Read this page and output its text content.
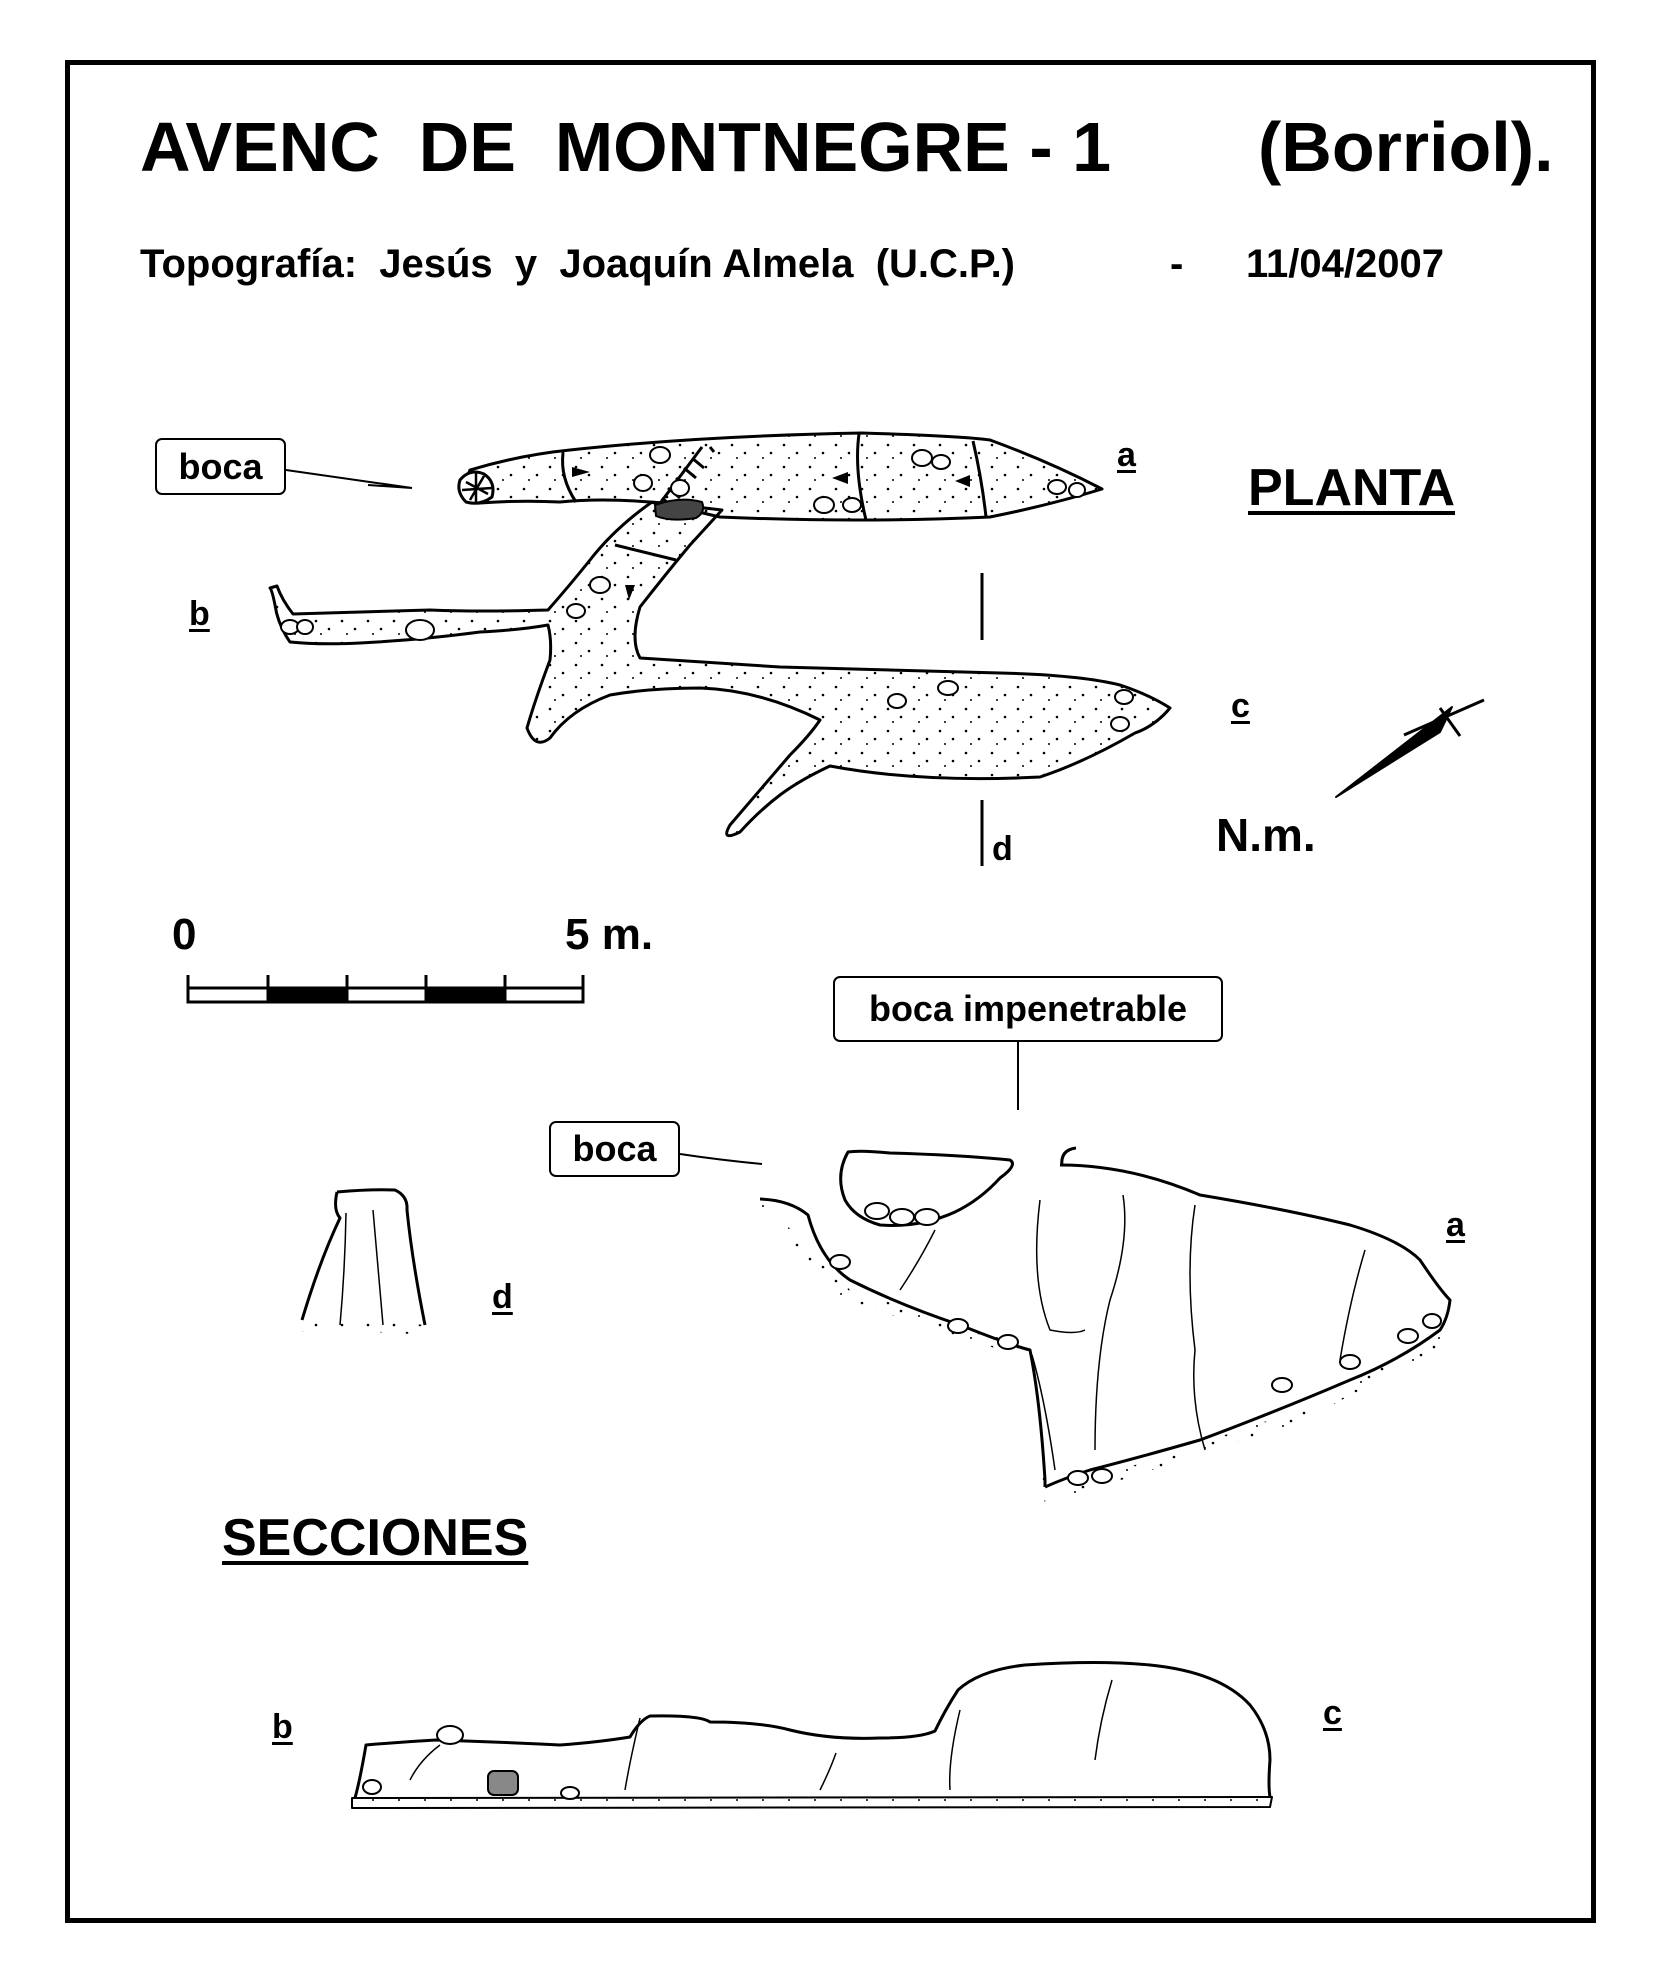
AVENC  DE  MONTNEGRE - 1 (Borriol).
Topografía:  Jesús  y  Joaquín Almela  (U.C.P.)	- 11/04/2007
PLANTA
SECCIONES
boca
boca
boca impenetrable
a
b
c
d	N.m.
0	5 m.
a
d
b	c
